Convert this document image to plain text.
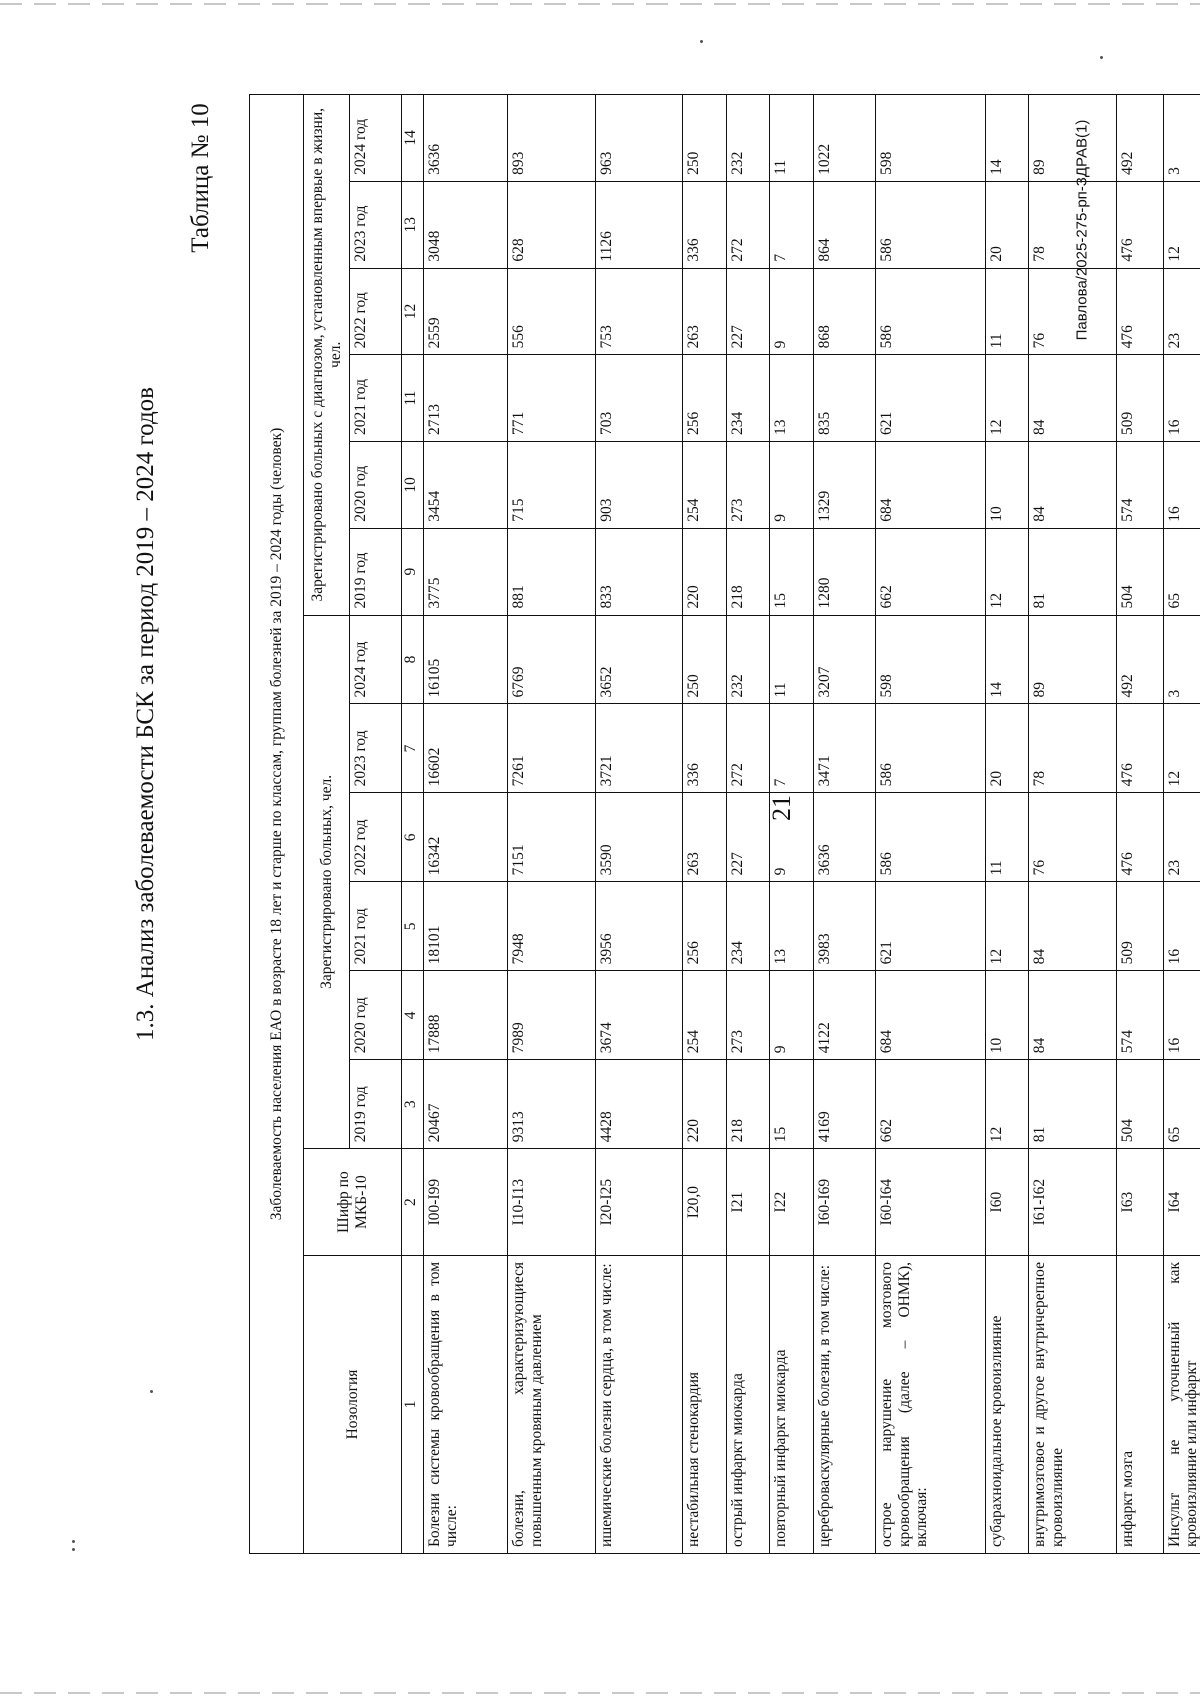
21
1.3. Анализ заболеваемости БСК за период 2019 – 2024 годов
Таблица № 10	Павлова/2025-275-рп-ЗДРАВ(1)
Заболеваемость населения ЕАО в возрасте 18 лет и старше по классам, группам болезней за 2019 – 2024 годы (человек)													
Нозология	Шифр по МКБ-10	Зарегистрировано больных, чел.						Зарегистрировано больных с диагнозом, установленным впервые в жизни, чел.					
		2019 год	2020 год	2021 год	2022 год	2023 год	2024 год	2019 год	2020 год	2021 год	2022 год	2023 год	2024 год
1	2	3	4	5	6	7	8	9	10	11	12	13	14
Болезни системы кровообращения в том числе:	I00-I99	20467	17888	18101	16342	16602	16105	3775	3454	2713	2559	3048	3636
болезни, характеризующиеся повышенным кровяным давлением	I10-I13	9313	7989	7948	7151	7261	6769	881	715	771	556	628	893
ишемические болезни сердца, в том числе:	I20-I25	4428	3674	3956	3590	3721	3652	833	903	703	753	1126	963
нестабильная стенокардия	I20,0	220	254	256	263	336	250	220	254	256	263	336	250
острый инфаркт миокарда	I21	218	273	234	227	272	232	218	273	234	227	272	232
повторный инфаркт миокарда	I22	15	9	13	9	7	11	15	9	13	9	7	11
цереброваскулярные болезни, в том числе:	I60-I69	4169	4122	3983	3636	3471	3207	1280	1329	835	868	864	1022
острое нарушение мозгового кровообращения (далее – ОНМК), включая:	I60-I64	662	684	621	586	586	598	662	684	621	586	586	598
субарахноидальное кровоизлияние	I60	12	10	12	11	20	14	12	10	12	11	20	14
внутримозговое и другое внутричерепное кровоизлияние	I61-I62	81	84	84	76	78	89	81	84	84	76	78	89
инфаркт мозга	I63	504	574	509	476	476	492	504	574	509	476	476	492
Инсульт не уточненный как кровоизлияние или инфаркт	I64	65	16	16	23	12	3	65	16	16	23	12	3
